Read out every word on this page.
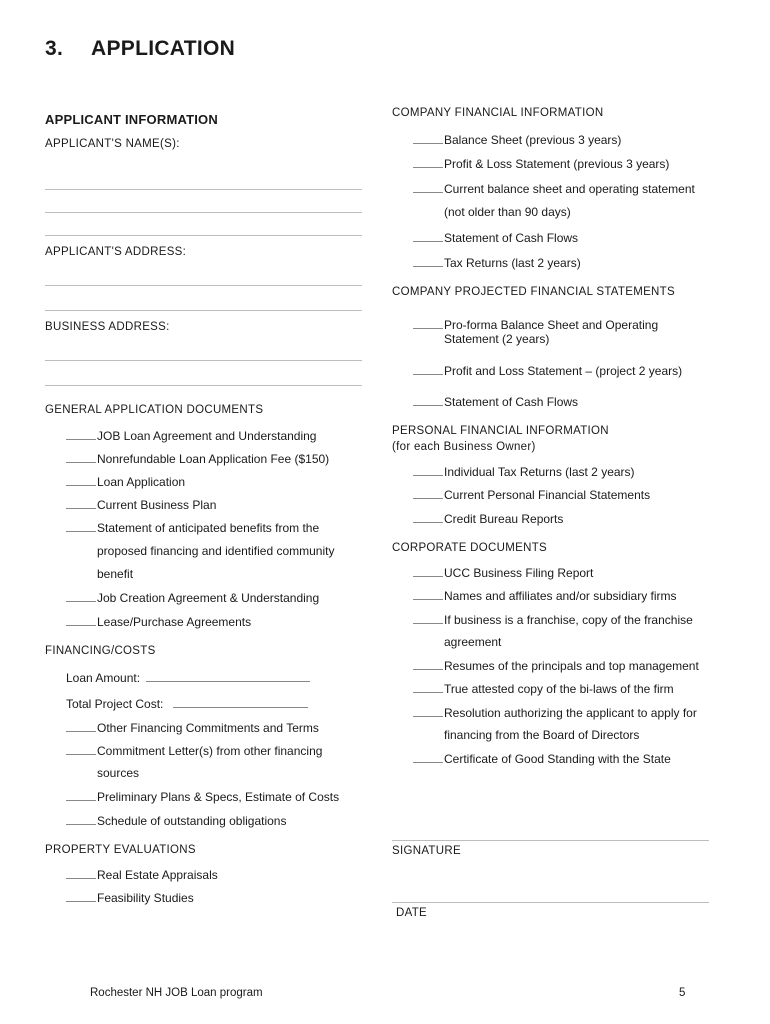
3. APPLICATION
APPLICANT INFORMATION
APPLICANT'S NAME(S):
APPLICANT'S ADDRESS:
BUSINESS ADDRESS:
GENERAL APPLICATION DOCUMENTS
JOB Loan Agreement and Understanding
Nonrefundable Loan Application Fee ($150)
Loan Application
Current Business Plan
Statement of anticipated benefits from the
proposed financing and identified community
benefit
Job Creation Agreement & Understanding
Lease/Purchase Agreements
FINANCING/COSTS
Loan Amount:
Total Project Cost:
Other Financing Commitments and Terms
Commitment Letter(s) from other financing
sources
Preliminary Plans & Specs, Estimate of Costs
Schedule of outstanding obligations
PROPERTY EVALUATIONS
Real Estate Appraisals
Feasibility Studies
COMPANY FINANCIAL INFORMATION
Balance Sheet (previous 3 years)
Profit & Loss Statement (previous 3 years)
Current balance sheet and operating statement
(not older than 90 days)
Statement of Cash Flows
Tax Returns (last 2 years)
COMPANY PROJECTED FINANCIAL STATEMENTS
Pro-forma Balance Sheet and Operating
Statement (2 years)
Profit and Loss Statement – (project 2 years)
Statement of Cash Flows
PERSONAL FINANCIAL INFORMATION
(for each Business Owner)
Individual Tax Returns (last 2 years)
Current Personal Financial Statements
Credit Bureau Reports
CORPORATE DOCUMENTS
UCC Business Filing Report
Names and affiliates and/or subsidiary firms
If business is a franchise, copy of the franchise
agreement
Resumes of the principals and top management
True attested copy of the bi-laws of the firm
Resolution authorizing the applicant to apply for
financing from the Board of Directors
Certificate of Good Standing with the State
SIGNATURE
DATE
Rochester NH JOB Loan program	5
